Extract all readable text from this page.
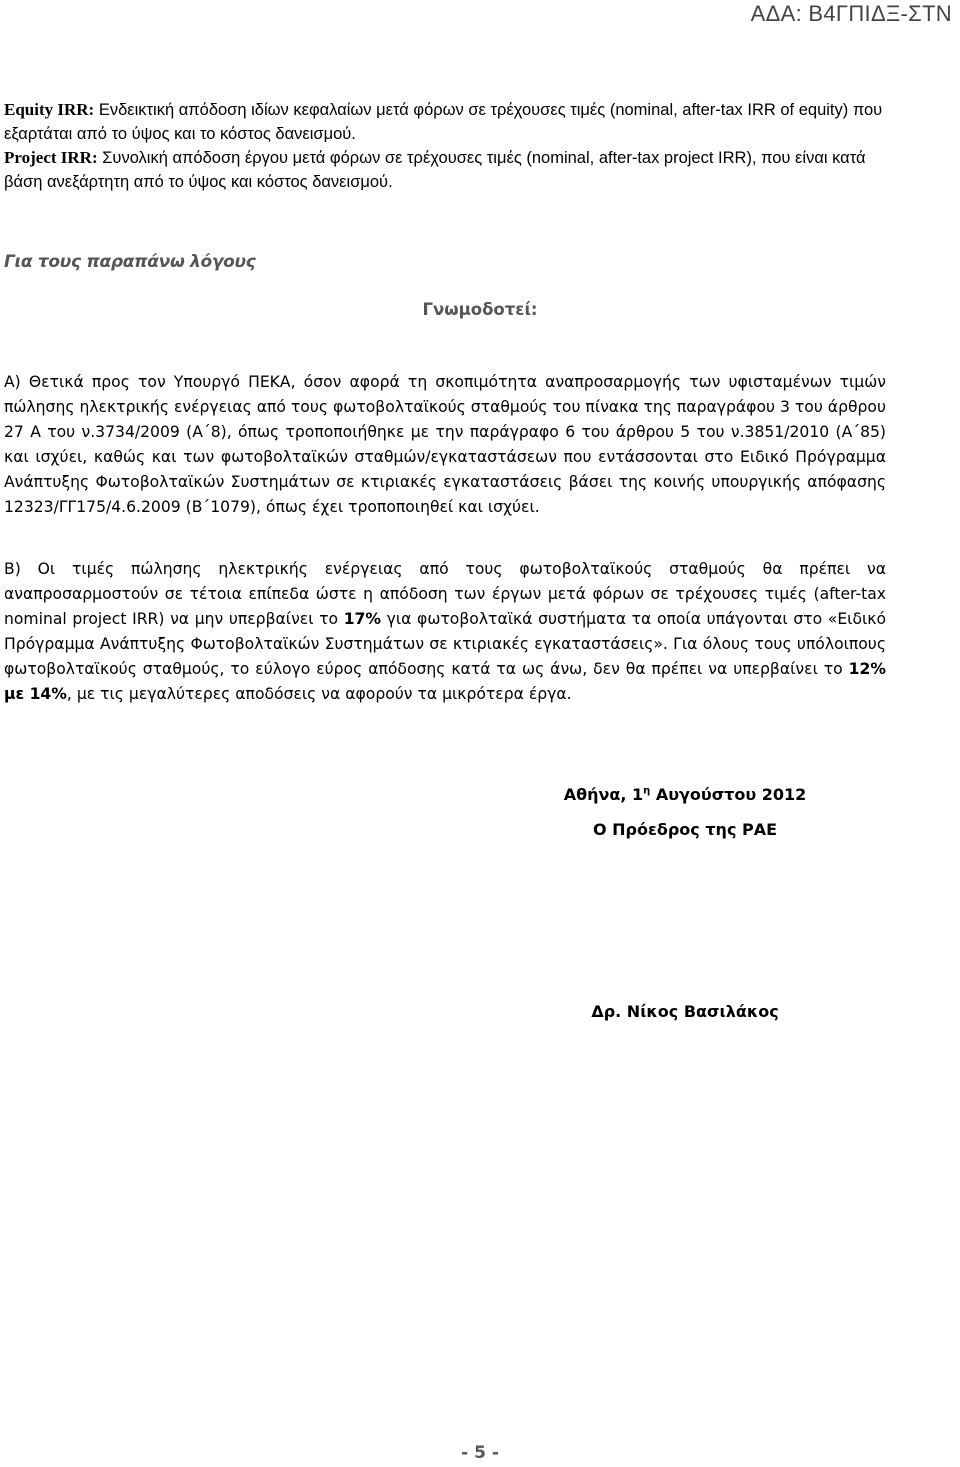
ΑΔΑ: Β4ΓΠΙΔΞ-ΣΤΝ

Equity IRR: Ενδεικτική απόδοση ιδίων κεφαλαίων μετά φόρων σε τρέχουσες τιμές (nominal, after-tax IRR of equity) που εξαρτάται από το ύψος και το κόστος δανεισμού.

Project IRR: Συνολική απόδοση έργου μετά φόρων σε τρέχουσες τιμές (nominal, after-tax project IRR), που είναι κατά βάση ανεξάρτητη από το ύψος και κόστος δανεισμού.

Για τους παραπάνω λόγους
Γνωμοδοτεί:

Α) Θετικά προς τον Υπουργό ΠΕΚΑ, όσον αφορά τη σκοπιμότητα αναπροσαρμογής των υφισταμένων τιμών πώλησης ηλεκτρικής ενέργειας από τους φωτοβολταϊκούς σταθμούς του πίνακα της παραγράφου 3 του άρθρου 27 Α του ν.3734/2009 (Α΄8), όπως τροποποιήθηκε με την παράγραφο 6 του άρθρου 5 του ν.3851/2010 (Α΄85) και ισχύει, καθώς και των φωτοβολταϊκών σταθμών/εγκαταστάσεων που εντάσσονται στο Ειδικό Πρόγραμμα Ανάπτυξης Φωτοβολταϊκών Συστημάτων σε κτιριακές εγκαταστάσεις βάσει της κοινής υπουργικής απόφασης 12323/ΓΓ175/4.6.2009 (Β΄1079), όπως έχει τροποποιηθεί και ισχύει.

Β) Οι τιμές πώλησης ηλεκτρικής ενέργειας από τους φωτοβολταϊκούς σταθμούς θα πρέπει να αναπροσαρμοστούν σε τέτοια επίπεδα ώστε η απόδοση των έργων μετά φόρων σε τρέχουσες τιμές (after-tax nominal project IRR) να μην υπερβαίνει το 17% για φωτοβολταϊκά συστήματα τα οποία υπάγονται στο «Ειδικό Πρόγραμμα Ανάπτυξης Φωτοβολταϊκών Συστημάτων σε κτιριακές εγκαταστάσεις». Για όλους τους υπόλοιπους φωτοβολταϊκούς σταθμούς, το εύλογο εύρος απόδοσης κατά τα ως άνω, δεν θα πρέπει να υπερβαίνει το 12% με 14%, με τις μεγαλύτερες αποδόσεις να αφορούν τα μικρότερα έργα.

Αθήνα, $1^\eta$ Αυγούστου 2012
Ο Πρόεδρος της ΡΑΕ
Δρ. Νίκος Βασιλάκος
- 5 -
